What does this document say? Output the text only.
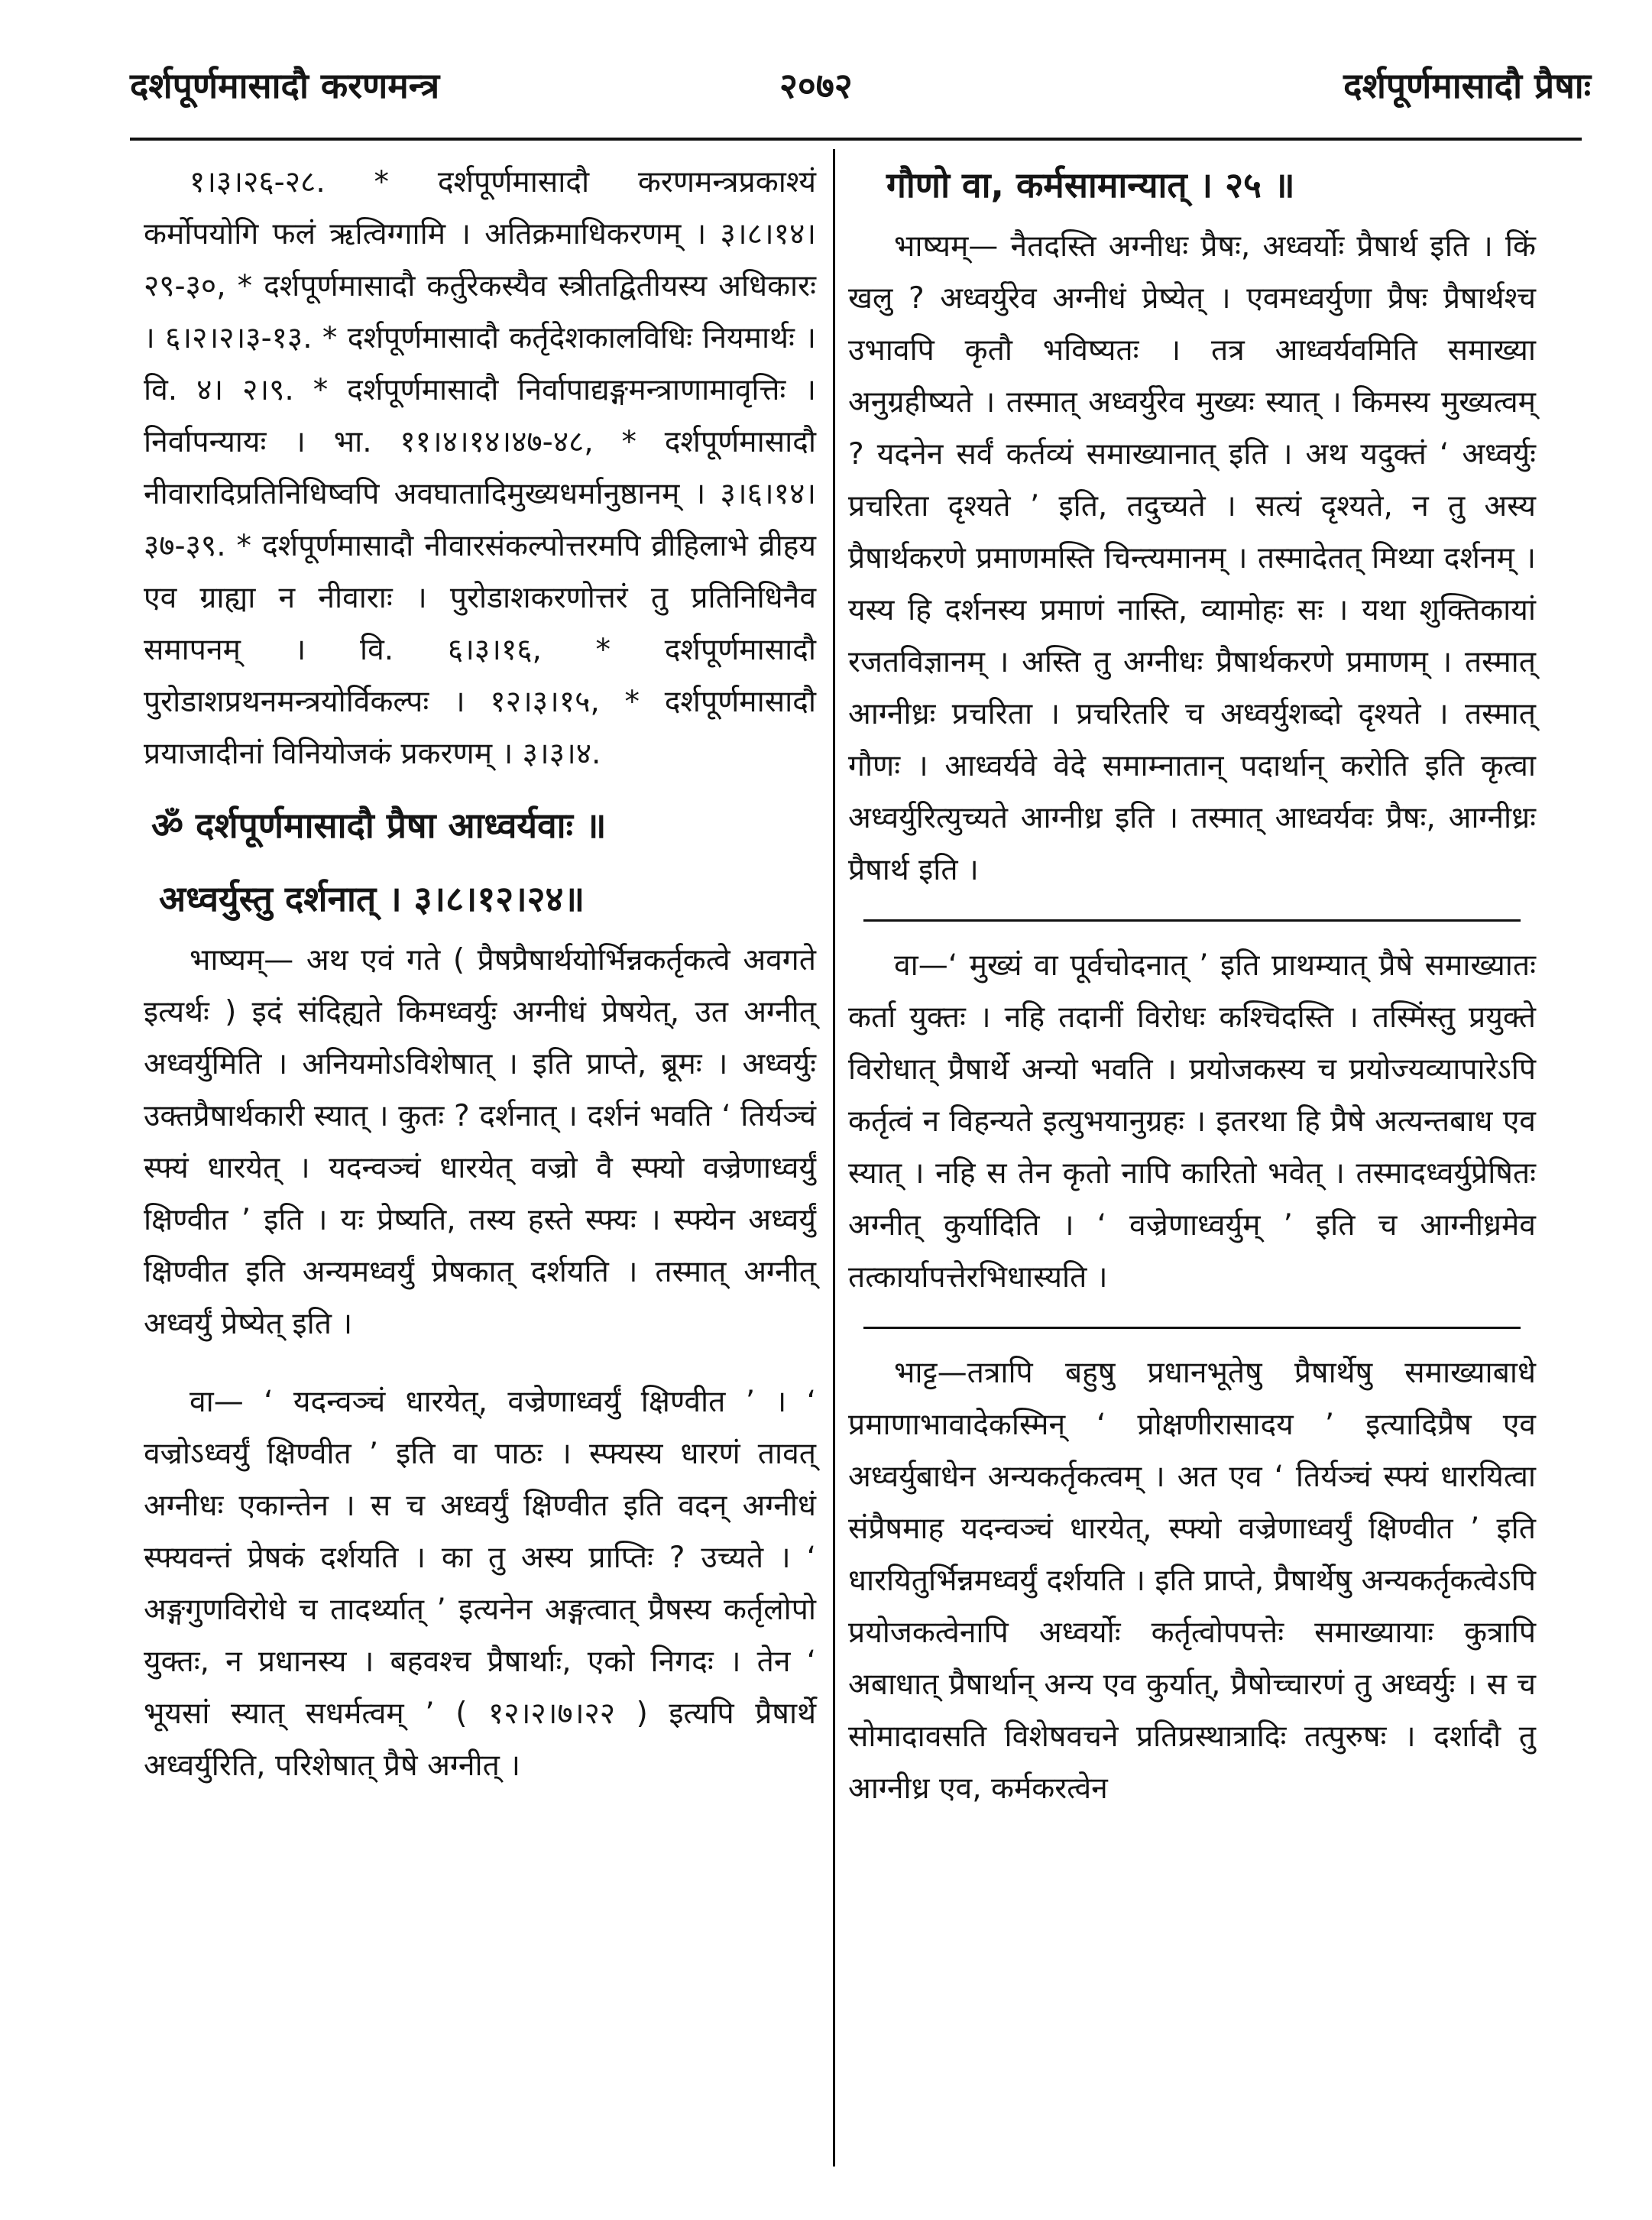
दर्शपूर्णमासादौ करणमन्त्र	२०७२	दर्शपूर्णमासादौ प्रैषाः

१।३।२६-२८. * दर्शपूर्णमासादौ करणमन्त्रप्रकाश्यं कर्मोपयोगि फलं ऋत्विग्गामि । अतिक्रमाधिकरणम् । ३।८।१४।२९-३०, * दर्शपूर्णमासादौ कर्तुरेकस्यैव स्त्रीतद्वितीयस्य अधिकारः । ६।२।२।३-१३. * दर्शपूर्णमासादौ कर्तृदेशकालविधिः नियमार्थः । वि. ४। २।९. * दर्शपूर्णमासादौ निर्वापाद्यङ्गमन्त्राणामावृत्तिः । निर्वापन्यायः । भा. ११।४।१४।४७-४८, * दर्शपूर्णमासादौ नीवारादिप्रतिनिधिष्वपि अवघातादिमुख्यधर्मानुष्ठानम् । ३।६।१४।३७-३९. * दर्शपूर्णमासादौ नीवारसंकल्पोत्तरमपि व्रीहिलाभे व्रीहय एव ग्राह्या न नीवाराः । पुरोडाशकरणोत्तरं तु प्रतिनिधिनैव समापनम् । वि. ६।३।१६, * दर्शपूर्णमासादौ पुरोडाशप्रथनमन्त्रयोर्विकल्पः । १२।३।१५, * दर्शपूर्णमासादौ प्रयाजादीनां विनियोजकं प्रकरणम् । ३।३।४.

ॐ दर्शपूर्णमासादौ प्रैषा आध्वर्यवाः ॥
अध्वर्युस्तु दर्शनात् । ३।८।१२।२४॥

भाष्यम्— अथ एवं गते ( प्रैषप्रैषार्थयोर्भिन्नकर्तृकत्वे अवगते इत्यर्थः ) इदं संदिह्यते किमध्वर्युः अग्नीधं प्रेषयेत्, उत अग्नीत् अध्वर्युमिति । अनियमोऽविशेषात् । इति प्राप्ते, ब्रूमः । अध्वर्युः उक्तप्रैषार्थकारी स्यात् । कुतः ? दर्शनात् । दर्शनं भवति ‘ तिर्यञ्चं स्फ्यं धारयेत् । यदन्वञ्चं धारयेत् वज्रो वै स्फ्यो वज्रेणाध्वर्युं क्षिण्वीत ’ इति । यः प्रेष्यति, तस्य हस्ते स्फ्यः । स्फ्येन अध्वर्युं क्षिण्वीत इति अन्यमध्वर्युं प्रेषकात् दर्शयति । तस्मात् अग्नीत् अध्वर्युं प्रेष्येत् इति ।

वा— ‘ यदन्वञ्चं धारयेत्, वज्रेणाध्वर्युं क्षिण्वीत ’ । ‘ वज्रोऽध्वर्युं क्षिण्वीत ’ इति वा पाठः । स्फ्यस्य धारणं तावत् अग्नीधः एकान्तेन । स च अध्वर्युं क्षिण्वीत इति वदन् अग्नीधं स्फ्यवन्तं प्रेषकं दर्शयति । का तु अस्य प्राप्तिः ? उच्यते । ‘ अङ्गगुणविरोधे च तादर्थ्यात् ’ इत्यनेन अङ्गत्वात् प्रैषस्य कर्तृलोपो युक्तः, न प्रधानस्य । बहवश्च प्रैषार्थाः, एको निगदः । तेन ‘ भूयसां स्यात् सधर्मत्वम् ’ ( १२।२।७।२२ ) इत्यपि प्रैषार्थे अध्वर्युरिति, परिशेषात् प्रैषे अग्नीत् ।

गौणो वा, कर्मसामान्यात् । २५ ॥

भाष्यम्— नैतदस्ति अग्नीधः प्रैषः, अध्वर्योः प्रैषार्थ इति । किं खलु ? अध्वर्युरेव अग्नीधं प्रेष्येत् । एवमध्वर्युणा प्रैषः प्रैषार्थश्च उभावपि कृतौ भविष्यतः । तत्र आध्वर्यवमिति समाख्या अनुग्रहीष्यते । तस्मात् अध्वर्युरेव मुख्यः स्यात् । किमस्य मुख्यत्वम् ? यदनेन सर्वं कर्तव्यं समाख्यानात् इति । अथ यदुक्तं ‘ अध्वर्युः प्रचरिता दृश्यते ’ इति, तदुच्यते । सत्यं दृश्यते, न तु अस्य प्रैषार्थकरणे प्रमाणमस्ति चिन्त्यमानम् । तस्मादेतत् मिथ्या दर्शनम् । यस्य हि दर्शनस्य प्रमाणं नास्ति, व्यामोहः सः । यथा शुक्तिकायां रजतविज्ञानम् । अस्ति तु अग्नीधः प्रैषार्थकरणे प्रमाणम् । तस्मात् आग्नीध्रः प्रचरिता । प्रचरितरि च अध्वर्युशब्दो दृश्यते । तस्मात् गौणः । आध्वर्यवे वेदे समाम्नातान् पदार्थान् करोति इति कृत्वा अध्वर्युरित्युच्यते आग्नीध्र इति । तस्मात् आध्वर्यवः प्रैषः, आग्नीध्रः प्रैषार्थ इति ।

वा—‘ मुख्यं वा पूर्वचोदनात् ’ इति प्राथम्यात् प्रैषे समाख्यातः कर्ता युक्तः । नहि तदानीं विरोधः कश्चिदस्ति । तस्मिंस्तु प्रयुक्ते विरोधात् प्रैषार्थे अन्यो भवति । प्रयोजकस्य च प्रयोज्यव्यापारेऽपि कर्तृत्वं न विहन्यते इत्युभयानुग्रहः । इतरथा हि प्रैषे अत्यन्तबाध एव स्यात् । नहि स तेन कृतो नापि कारितो भवेत् । तस्मादध्वर्युप्रेषितः अग्नीत् कुर्यादिति । ‘ वज्रेणाध्वर्युम् ’ इति च आग्नीध्रमेव तत्कार्यापत्तेरभिधास्यति ।

भाट्ट—तत्रापि बहुषु प्रधानभूतेषु प्रैषार्थेषु समाख्याबाधे प्रमाणाभावादेकस्मिन् ‘ प्रोक्षणीरासादय ’ इत्यादिप्रैष एव अध्वर्युबाधेन अन्यकर्तृकत्वम् । अत एव ‘ तिर्यञ्चं स्फ्यं धारयित्वा संप्रैषमाह यदन्वञ्चं धारयेत्, स्फ्यो वज्रेणाध्वर्युं क्षिण्वीत ’ इति धारयितुर्भिन्नमध्वर्युं दर्शयति । इति प्राप्ते, प्रैषार्थेषु अन्यकर्तृकत्वेऽपि प्रयोजकत्वेनापि अध्वर्योः कर्तृत्वोपपत्तेः समाख्यायाः कुत्रापि अबाधात् प्रैषार्थान् अन्य एव कुर्यात्, प्रैषोच्चारणं तु अध्वर्युः । स च सोमादावसति विशेषवचने प्रतिप्रस्थात्रादिः तत्पुरुषः । दर्शादौ तु आग्नीध्र एव, कर्मकरत्वेन
